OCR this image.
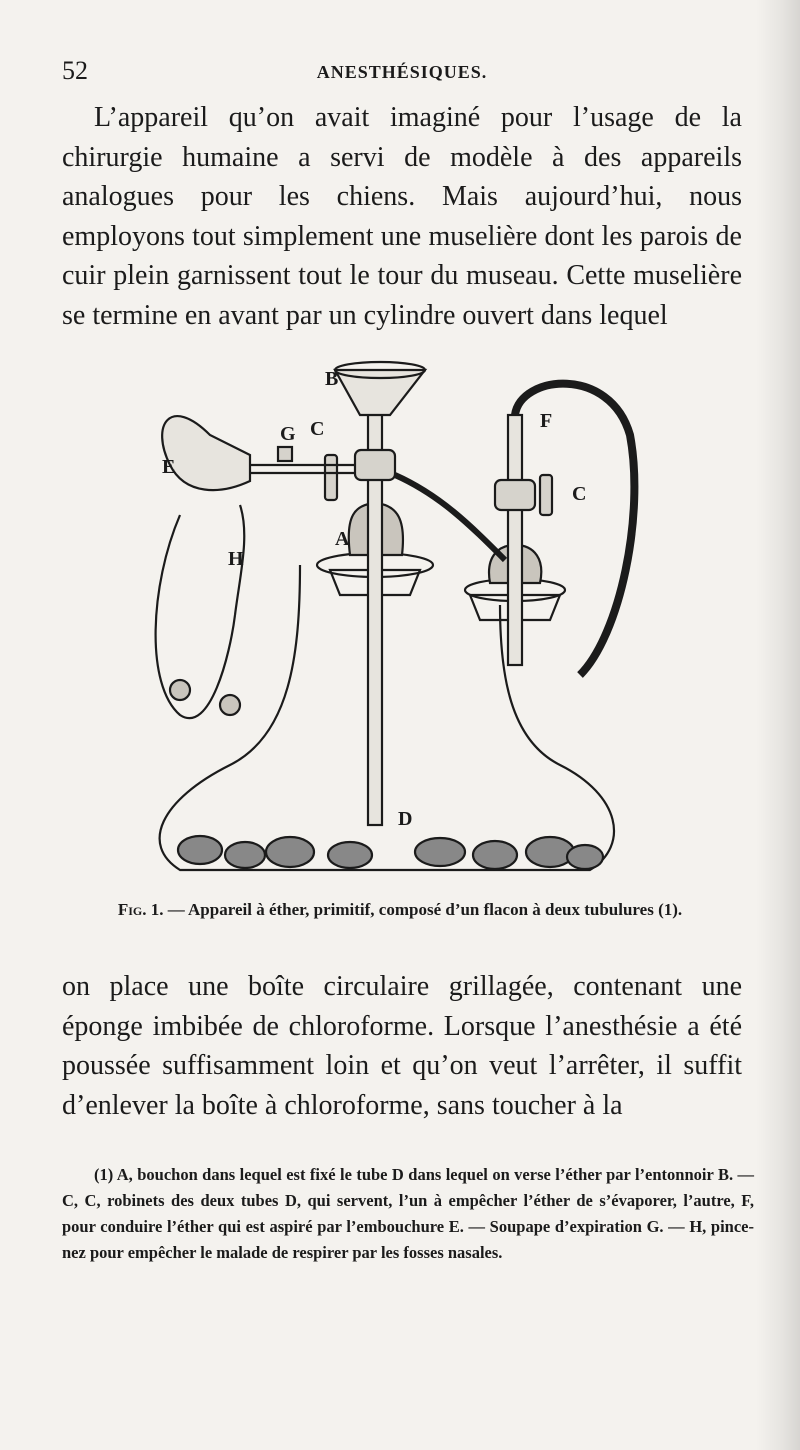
52	ANESTHÉSIQUES.

L’appareil qu’on avait imaginé pour l’usage de la chirurgie humaine a servi de modèle à des appareils analogues pour les chiens. Mais aujourd’hui, nous employons tout simplement une muselière dont les parois de cuir plein garnissent tout le tour du museau. Cette muselière se termine en avant par un cylindre ouvert dans lequel

B
G C	F
E
C
A
H
D
Fig. 1. — Appareil à éther, primitif, composé d’un flacon à deux tubulures (1).

on place une boîte circulaire grillagée, contenant une éponge imbibée de chloroforme. Lorsque l’anesthésie a été poussée suffisamment loin et qu’on veut l’arrêter, il suffit d’enlever la boîte à chloroforme, sans toucher à la

(1) A, bouchon dans lequel est fixé le tube D dans lequel on verse l’éther par l’entonnoir B. — C, C, robinets des deux tubes D, qui servent, l’un à empêcher l’éther de s’évaporer, l’autre, F, pour conduire l’éther qui est aspiré par l’embouchure E. — Soupape d’expiration G. — H, pince-nez pour empêcher le malade de respirer par les fosses nasales.
